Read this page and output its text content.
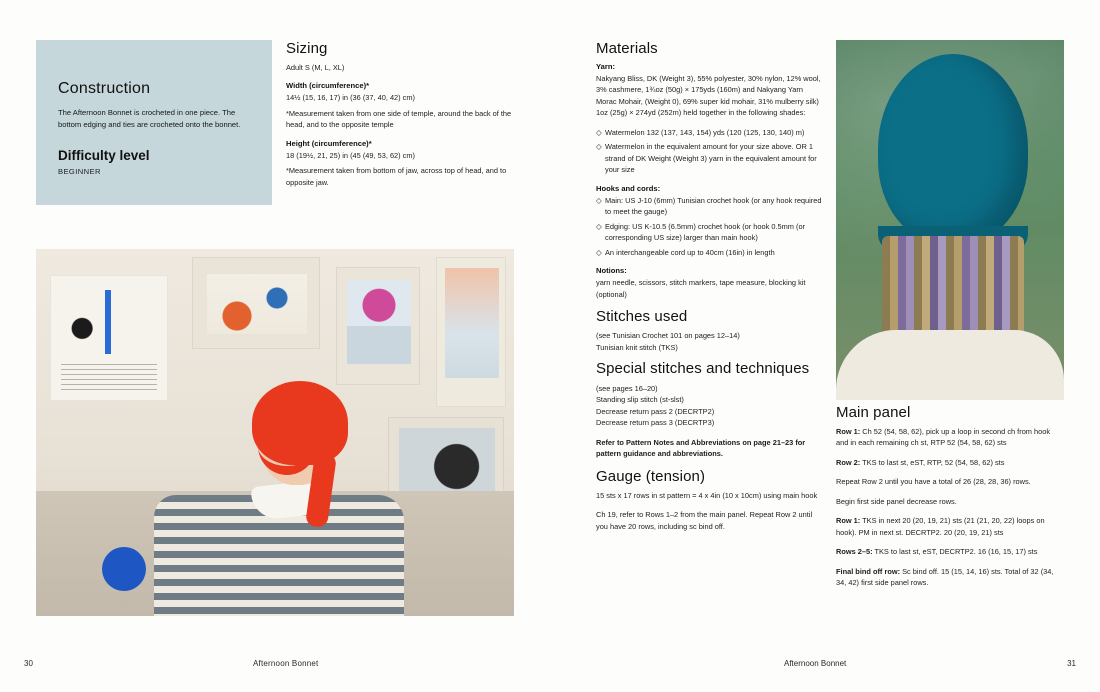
Construction

The Afternoon Bonnet is crocheted in one piece. The bottom edging and ties are crocheted onto the bonnet.

Difficulty level

BEGINNER

Sizing

Adult S (M, L, XL)

Width (circumference)*

14½ (15, 16, 17) in (36 (37, 40, 42) cm)

*Measurement taken from one side of temple, around the back of the head, and to the opposite temple

Height (circumference)*

18 (19½, 21, 25) in (45 (49, 53, 62) cm)

*Measurement taken from bottom of jaw, across top of head, and to opposite jaw.

30	Afternoon Bonnet
Materials
Yarn:

Nakyang Bliss, DK (Weight 3), 55% polyester, 30% nylon, 12% wool, 3% cashmere, 1¾oz (50g) × 175yds (160m) and Nakyang Yarn Morac Mohair, (Weight 0), 69% super kid mohair, 31% mulberry silk) 1oz (25g) × 274yd (252m) held together in the following shades:

◇ Watermelon 132 (137, 143, 154) yds (120 (125, 130, 140) m)
◇ Watermelon in the equivalent amount for your size above. OR 1 strand of DK Weight (Weight 3) yarn in the equivalent amount for your size
Hooks and cords:
◇ Main: US J-10 (6mm) Tunisian crochet hook (or any hook required to meet the gauge)
◇ Edging: US K-10.5 (6.5mm) crochet hook (or hook 0.5mm (or corresponding US size) larger than main hook)
◇ An interchangeable cord up to 40cm (16in) in length
Notions:

yarn needle, scissors, stitch markers, tape measure, blocking kit (optional)

Stitches used

(see Tunisian Crochet 101 on pages 12–14)

Tunisian knit stitch (TKS)

Special stitches and techniques

(see pages 16–20)

Standing slip stitch (st-slst)

Decrease return pass 2 (DECRTP2)

Decrease return pass 3 (DECRTP3)

Refer to Pattern Notes and Abbreviations on page 21–23 for pattern guidance and abbreviations.

Gauge (tension)

15 sts x 17 rows in st pattern = 4 x 4in (10 x 10cm) using main hook

Ch 19, refer to Rows 1–2 from the main panel. Repeat Row 2 until you have 20 rows, including sc bind off.

Main panel

Row 1: Ch 52 (54, 58, 62), pick up a loop in second ch from hook and in each remaining ch st, RTP 52 (54, 58, 62) sts

Row 2: TKS to last st, eST, RTP, 52 (54, 58, 62) sts

Repeat Row 2 until you have a total of 26 (28, 28, 36) rows.

Begin first side panel decrease rows.

Row 1: TKS in next 20 (20, 19, 21) sts (21 (21, 20, 22) loops on hook). PM in next st. DECRTP2. 20 (20, 19, 21) sts

Rows 2–5: TKS to last st, eST, DECRTP2. 16 (16, 15, 17) sts

Final bind off row: Sc bind off. 15 (15, 14, 16) sts. Total of 32 (34, 34, 42) first side panel rows.

Afternoon Bonnet	31
